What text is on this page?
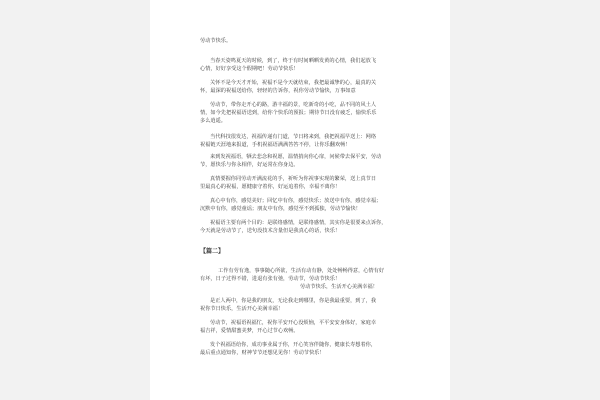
劳动节快乐。
当春天姿鸣夏天的时候，到了，终于有时间晒晒发黄的心情，我们起放飞
心情，好好享受这个假期吧！劳动节快乐！
关怀不是今天才开始，祝福不是今天就结束，我把最诚挚的心，最真的关
怀，最深的祝福送给你，轻轻的告诉你，祝你劳动节愉快，万事如意
劳动节，带你走开心的路，游丰福的景，吃新奇的小吃，品不同的风土人
情，如今先把祝福语送到，给你个快乐的预报；期待节日没有疲乏，愉快乐乐
多么逍遥。
当代科技很发达，祝福传递有门道，节日将来到，我把祝福早送上：网络
祝福链天涯地来报道，手机祝福语满满答答不停，让你乐翻欢畅！
来到发祝福语，牺去悲念和祝愿，温情捎向你心扉，问候带去保平安，劳动
节，愿快乐与你永相伴，好运常在你身边。
真情要握你同劳动开满流花的手，祈听为你祝事实现的繁荣，送上真节日
里最真心的祝福，愿健康守着你，好运追着你，幸福不离你！
真心中有你，感觉美好；回忆中有你，感觉快乐；放送中有你，感觉幸福；
沉默中有你，感觉童谣；朋友中有你，感觉至不到孤独，劳动节愉快！
祝福语主要有两个目的：是联络感情，是联络感情，其实你是很要来点诉你，
今天就是劳动节了，送句没技术含量但是我真心的话，快乐！
【篇二】
工作有劳有逸，事事随心所欲，生活有动有静，处处畅畅得意，心情有好
有坏，日子过得不错，进退有张有弛，劳动节，劳动节快乐！
劳动节快乐，生活开心美满幸福！
是正人两中，你是我的朋友，无论我走到哪里，你是我最重要，到了，我
祝你节日快乐，生活开心美满幸福！
劳动节，祝福语祝福忙，祝你平安开心没烦恼，平平安安身体好，家庭幸
福吉祥，爱情甜蜜美梦，开心过节心欢畅。
发个祝福语给你，成功事业属于你，开心笑容伴随你，健康长寿想着你，
最后重点通知你，财神节节还想见见你！劳动节快乐！
